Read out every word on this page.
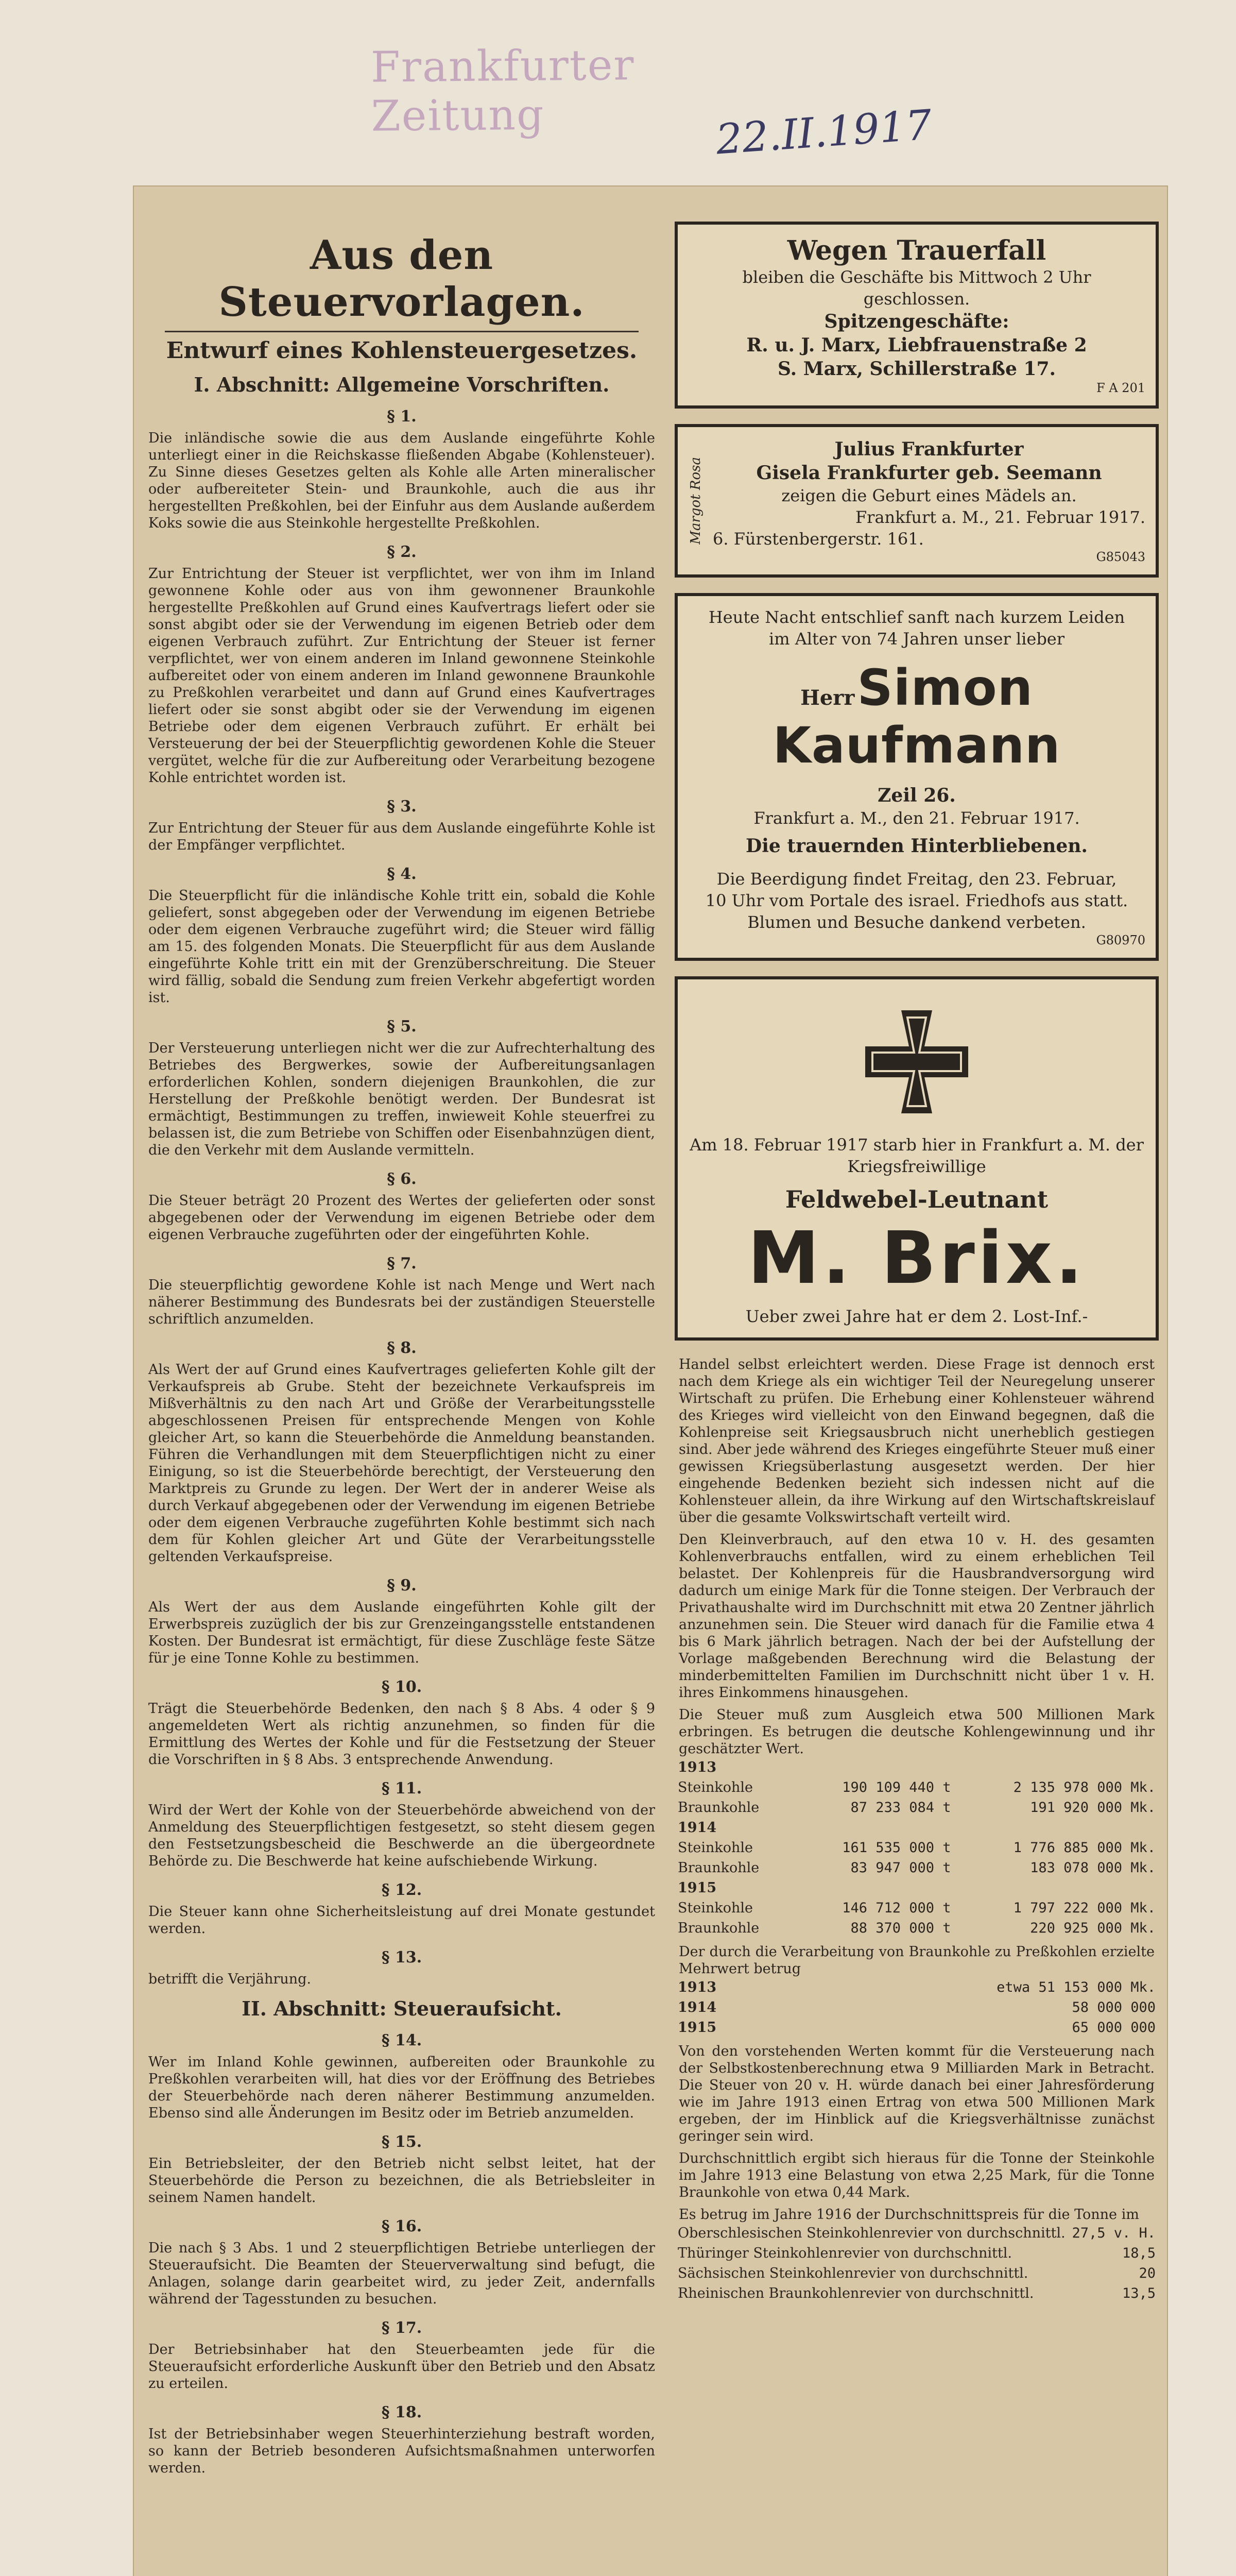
Frankfurter Zeitung	22.II.1917
Aus den Steuervorlagen.
Entwurf eines Kohlensteuergesetzes.
I. Abschnitt: Allgemeine Vorschriften.
§ 1.
Die inländische sowie die aus dem Auslande eingeführte Kohle unterliegt einer in die Reichskasse fließenden Abgabe (Kohlensteuer). Zu Sinne dieses Gesetzes gelten als Kohle alle Arten mineralischer oder aufbereiteter Stein- und Braunkohle, auch die aus ihr hergestellten Preßkohlen, bei der Einfuhr aus dem Auslande außerdem Koks sowie die aus Steinkohle hergestellte Preßkohlen.
§ 2.
Zur Entrichtung der Steuer ist verpflichtet, wer von ihm im Inland gewonnene Kohle oder aus von ihm gewonnener Braunkohle hergestellte Preßkohlen auf Grund eines Kaufvertrags liefert oder sie sonst abgibt oder sie der Verwendung im eigenen Betrieb oder dem eigenen Verbrauch zuführt. Zur Entrichtung der Steuer ist ferner verpflichtet, wer von einem anderen im Inland gewonnene Steinkohle aufbereitet oder von einem anderen im Inland gewonnene Braunkohle zu Preßkohlen verarbeitet und dann auf Grund eines Kaufvertrages liefert oder sie sonst abgibt oder sie der Verwendung im eigenen Betriebe oder dem eigenen Verbrauch zuführt. Er erhält bei Versteuerung der bei der Steuerpflichtig gewordenen Kohle die Steuer vergütet, welche für die zur Aufbereitung oder Verarbeitung bezogene Kohle entrichtet worden ist.
§ 3.
Zur Entrichtung der Steuer für aus dem Auslande eingeführte Kohle ist der Empfänger verpflichtet.
§ 4.
Die Steuerpflicht für die inländische Kohle tritt ein, sobald die Kohle geliefert, sonst abgegeben oder der Verwendung im eigenen Betriebe oder dem eigenen Verbrauche zugeführt wird; die Steuer wird fällig am 15. des folgenden Monats. Die Steuerpflicht für aus dem Auslande eingeführte Kohle tritt ein mit der Grenzüberschreitung. Die Steuer wird fällig, sobald die Sendung zum freien Verkehr abgefertigt worden ist.
§ 5.
Der Versteuerung unterliegen nicht wer die zur Aufrechterhaltung des Betriebes des Bergwerkes, sowie der Aufbereitungsanlagen erforderlichen Kohlen, sondern diejenigen Braunkohlen, die zur Herstellung der Preßkohle benötigt werden. Der Bundesrat ist ermächtigt, Bestimmungen zu treffen, inwieweit Kohle steuerfrei zu belassen ist, die zum Betriebe von Schiffen oder Eisenbahnzügen dient, die den Verkehr mit dem Auslande vermitteln.
§ 6.
Die Steuer beträgt 20 Prozent des Wertes der gelieferten oder sonst abgegebenen oder der Verwendung im eigenen Betriebe oder dem eigenen Verbrauche zugeführten oder der eingeführten Kohle.
§ 7.
Die steuerpflichtig gewordene Kohle ist nach Menge und Wert nach näherer Bestimmung des Bundesrats bei der zuständigen Steuerstelle schriftlich anzumelden.
§ 8.
Als Wert der auf Grund eines Kaufvertrages gelieferten Kohle gilt der Verkaufspreis ab Grube. Steht der bezeichnete Verkaufspreis im Mißverhältnis zu den nach Art und Größe der Verarbeitungsstelle abgeschlossenen Preisen für entsprechende Mengen von Kohle gleicher Art, so kann die Steuerbehörde die Anmeldung beanstanden. Führen die Verhandlungen mit dem Steuerpflichtigen nicht zu einer Einigung, so ist die Steuerbehörde berechtigt, der Versteuerung den Marktpreis zu Grunde zu legen. Der Wert der in anderer Weise als durch Verkauf abgegebenen oder der Verwendung im eigenen Betriebe oder dem eigenen Verbrauche zugeführten Kohle bestimmt sich nach dem für Kohlen gleicher Art und Güte der Verarbeitungsstelle geltenden Verkaufspreise.
§ 9.
Als Wert der aus dem Auslande eingeführten Kohle gilt der Erwerbspreis zuzüglich der bis zur Grenzeingangsstelle entstandenen Kosten. Der Bundesrat ist ermächtigt, für diese Zuschläge feste Sätze für je eine Tonne Kohle zu bestimmen.
§ 10.
Trägt die Steuerbehörde Bedenken, den nach § 8 Abs. 4 oder § 9 angemeldeten Wert als richtig anzunehmen, so finden für die Ermittlung des Wertes der Kohle und für die Festsetzung der Steuer die Vorschriften in § 8 Abs. 3 entsprechende Anwendung.
§ 11.
Wird der Wert der Kohle von der Steuerbehörde abweichend von der Anmeldung des Steuerpflichtigen festgesetzt, so steht diesem gegen den Festsetzungsbescheid die Beschwerde an die übergeordnete Behörde zu. Die Beschwerde hat keine aufschiebende Wirkung.
§ 12.
Die Steuer kann ohne Sicherheitsleistung auf drei Monate gestundet werden.
§ 13.
betrifft die Verjährung.
II. Abschnitt: Steueraufsicht.
§ 14.
Wer im Inland Kohle gewinnen, aufbereiten oder Braunkohle zu Preßkohlen verarbeiten will, hat dies vor der Eröffnung des Betriebes der Steuerbehörde nach deren näherer Bestimmung anzumelden. Ebenso sind alle Änderungen im Besitz oder im Betrieb anzumelden.
§ 15.
Ein Betriebsleiter, der den Betrieb nicht selbst leitet, hat der Steuerbehörde die Person zu bezeichnen, die als Betriebsleiter in seinem Namen handelt.
§ 16.
Die nach § 3 Abs. 1 und 2 steuerpflichtigen Betriebe unterliegen der Steueraufsicht. Die Beamten der Steuerverwaltung sind befugt, die Anlagen, solange darin gearbeitet wird, zu jeder Zeit, andernfalls während der Tagesstunden zu besuchen.
§ 17.
Der Betriebsinhaber hat den Steuerbeamten jede für die Steueraufsicht erforderliche Auskunft über den Betrieb und den Absatz zu erteilen.
§ 18.
Ist der Betriebsinhaber wegen Steuerhinterziehung bestraft worden, so kann der Betrieb besonderen Aufsichtsmaßnahmen unterworfen werden.
Wegen Trauerfall
bleiben die Geschäfte bis Mittwoch 2 Uhr geschlossen.
Spitzengeschäfte:
R. u. J. Marx, Liebfrauenstraße 2
S. Marx, Schillerstraße 17.
F A 201
Margot Rosa
Julius Frankfurter
Gisela Frankfurter geb. Seemann
zeigen die Geburt eines Mädels an.
Frankfurt a. M., 21. Februar 1917.
6. Fürstenbergerstr. 161.
G85043
Heute Nacht entschlief sanft nach kurzem Leiden
im Alter von 74 Jahren unser lieber
Herr Simon Kaufmann
Zeil 26.
Frankfurt a. M., den 21. Februar 1917.
Die trauernden Hinterbliebenen.
Die Beerdigung findet Freitag, den 23. Februar,
10 Uhr vom Portale des israel. Friedhofs aus statt.
Blumen und Besuche dankend verbeten.
G80970
Am 18. Februar 1917 starb hier in Frankfurt a. M. der Kriegsfreiwillige
Feldwebel-Leutnant
M. Brix.
Ueber zwei Jahre hat er dem 2. Lost-Inf.-
Handel selbst erleichtert werden. Diese Frage ist dennoch erst nach dem Kriege als ein wichtiger Teil der Neuregelung unserer Wirtschaft zu prüfen. Die Erhebung einer Kohlensteuer während des Krieges wird vielleicht von den Einwand begegnen, daß die Kohlenpreise seit Kriegsausbruch nicht unerheblich gestiegen sind. Aber jede während des Krieges eingeführte Steuer muß einer gewissen Kriegsüberlastung ausgesetzt werden. Der hier eingehende Bedenken bezieht sich indessen nicht auf die Kohlensteuer allein, da ihre Wirkung auf den Wirtschaftskreislauf über die gesamte Volkswirtschaft verteilt wird.
Den Kleinverbrauch, auf den etwa 10 v. H. des gesamten Kohlenverbrauchs entfallen, wird zu einem erheblichen Teil belastet. Der Kohlenpreis für die Hausbrandversorgung wird dadurch um einige Mark für die Tonne steigen. Der Verbrauch der Privathaushalte wird im Durchschnitt mit etwa 20 Zentner jährlich anzunehmen sein. Die Steuer wird danach für die Familie etwa 4 bis 6 Mark jährlich betragen. Nach der bei der Aufstellung der Vorlage maßgebenden Berechnung wird die Belastung der minderbemittelten Familien im Durchschnitt nicht über 1 v. H. ihres Einkommens hinausgehen.
Die Steuer muß zum Ausgleich etwa 500 Millionen Mark erbringen. Es betrugen die deutsche Kohlengewinnung und ihr geschätzter Wert.
1913		
Steinkohle	190 109 440 t	2 135 978 000 Mk.
Braunkohle	87 233 084 t	191 920 000 Mk.
1914		
Steinkohle	161 535 000 t	1 776 885 000 Mk.
Braunkohle	83 947 000 t	183 078 000 Mk.
1915		
Steinkohle	146 712 000 t	1 797 222 000 Mk.
Braunkohle	88 370 000 t	220 925 000 Mk.
Der durch die Verarbeitung von Braunkohle zu Preßkohlen erzielte Mehrwert betrug
1913	etwa 51 153 000 Mk.
1914	58 000 000
1915	65 000 000
Von den vorstehenden Werten kommt für die Versteuerung nach der Selbstkostenberechnung etwa 9 Milliarden Mark in Betracht. Die Steuer von 20 v. H. würde danach bei einer Jahresförderung wie im Jahre 1913 einen Ertrag von etwa 500 Millionen Mark ergeben, der im Hinblick auf die Kriegsverhältnisse zunächst geringer sein wird.
Durchschnittlich ergibt sich hieraus für die Tonne der Steinkohle im Jahre 1913 eine Belastung von etwa 2,25 Mark, für die Tonne Braunkohle von etwa 0,44 Mark.
Es betrug im Jahre 1916 der Durchschnittspreis für die Tonne im
Oberschlesischen Steinkohlenrevier von durchschnittl.	27,5 v. H.
Thüringer Steinkohlenrevier von durchschnittl.	18,5
Sächsischen Steinkohlenrevier von durchschnittl.	20
Rheinischen Braunkohlenrevier von durchschnittl.	13,5
